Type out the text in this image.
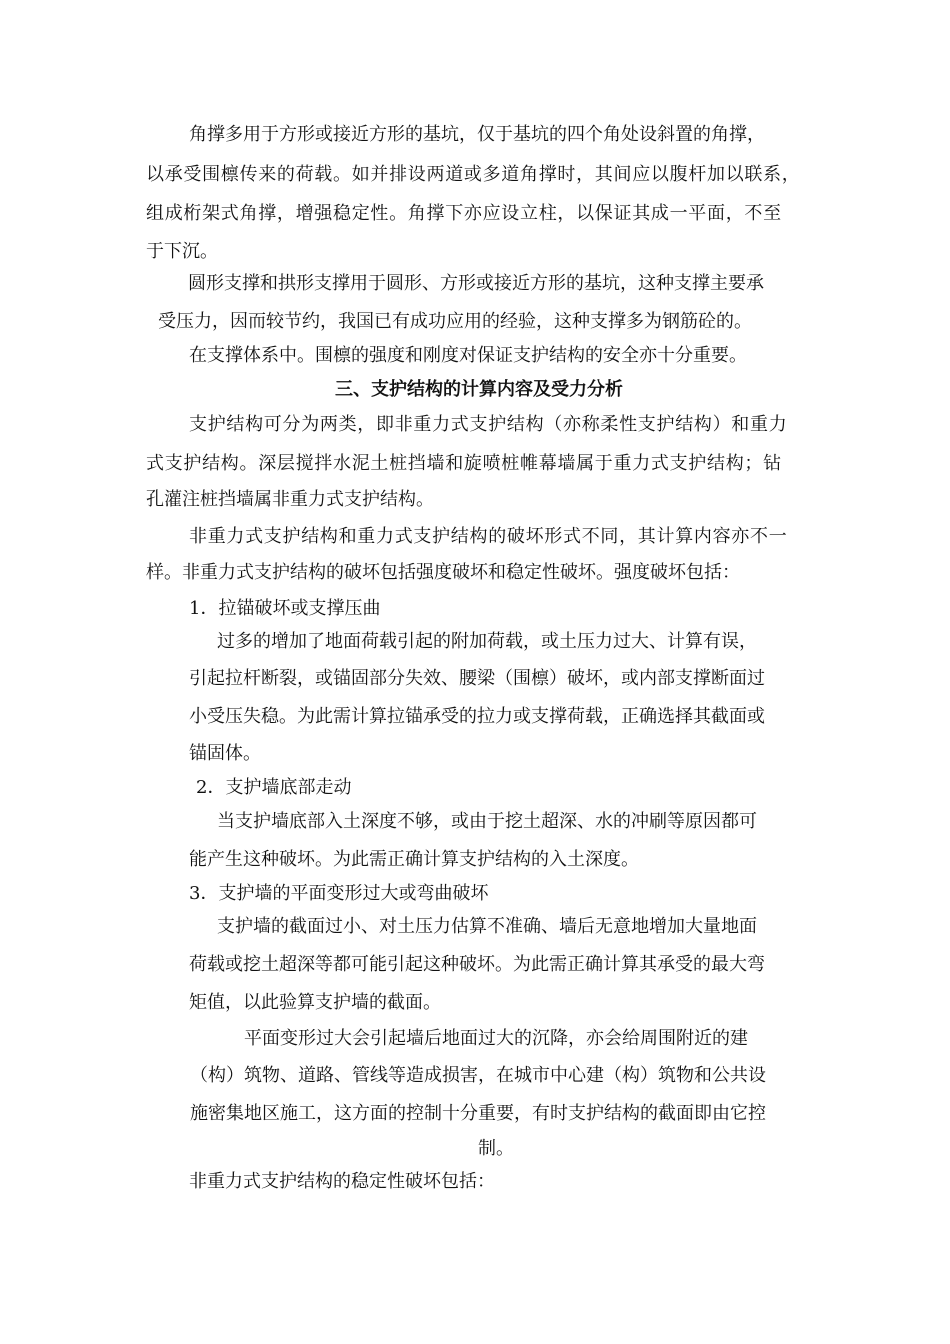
角撑多用于方形或接近方形的基坑，仅于基坑的四个角处设斜置的角撑，

以承受围檩传来的荷载。如并排设两道或多道角撑时，其间应以腹杆加以联系，

组成桁架式角撑，增强稳定性。角撑下亦应设立柱，以保证其成一平面，不至

于下沉。

圆形支撑和拱形支撑用于圆形、方形或接近方形的基坑，这种支撑主要承

受压力，因而较节约，我国已有成功应用的经验，这种支撑多为钢筋砼的。

在支撑体系中。围檩的强度和刚度对保证支护结构的安全亦十分重要。

三、支护结构的计算内容及受力分析

支护结构可分为两类，即非重力式支护结构（亦称柔性支护结构）和重力

式支护结构。深层搅拌水泥土桩挡墙和旋喷桩帷幕墙属于重力式支护结构；钻

孔灌注桩挡墙属非重力式支护结构。

非重力式支护结构和重力式支护结构的破坏形式不同，其计算内容亦不一

样。非重力式支护结构的破坏包括强度破坏和稳定性破坏。强度破坏包括：

1．拉锚破坏或支撑压曲

过多的增加了地面荷载引起的附加荷载，或土压力过大、计算有误，

引起拉杆断裂，或锚固部分失效、腰梁（围檩）破坏，或内部支撑断面过

小受压失稳。为此需计算拉锚承受的拉力或支撑荷载，正确选择其截面或

锚固体。

2．支护墙底部走动

当支护墙底部入土深度不够，或由于挖土超深、水的冲刷等原因都可

能产生这种破坏。为此需正确计算支护结构的入土深度。

3．支护墙的平面变形过大或弯曲破坏

支护墙的截面过小、对土压力估算不准确、墙后无意地增加大量地面

荷载或挖土超深等都可能引起这种破坏。为此需正确计算其承受的最大弯

矩值，以此验算支护墙的截面。

平面变形过大会引起墙后地面过大的沉降，亦会给周围附近的建

（构）筑物、道路、管线等造成损害，在城市中心建（构）筑物和公共设

施密集地区施工，这方面的控制十分重要，有时支护结构的截面即由它控

制。

非重力式支护结构的稳定性破坏包括：
